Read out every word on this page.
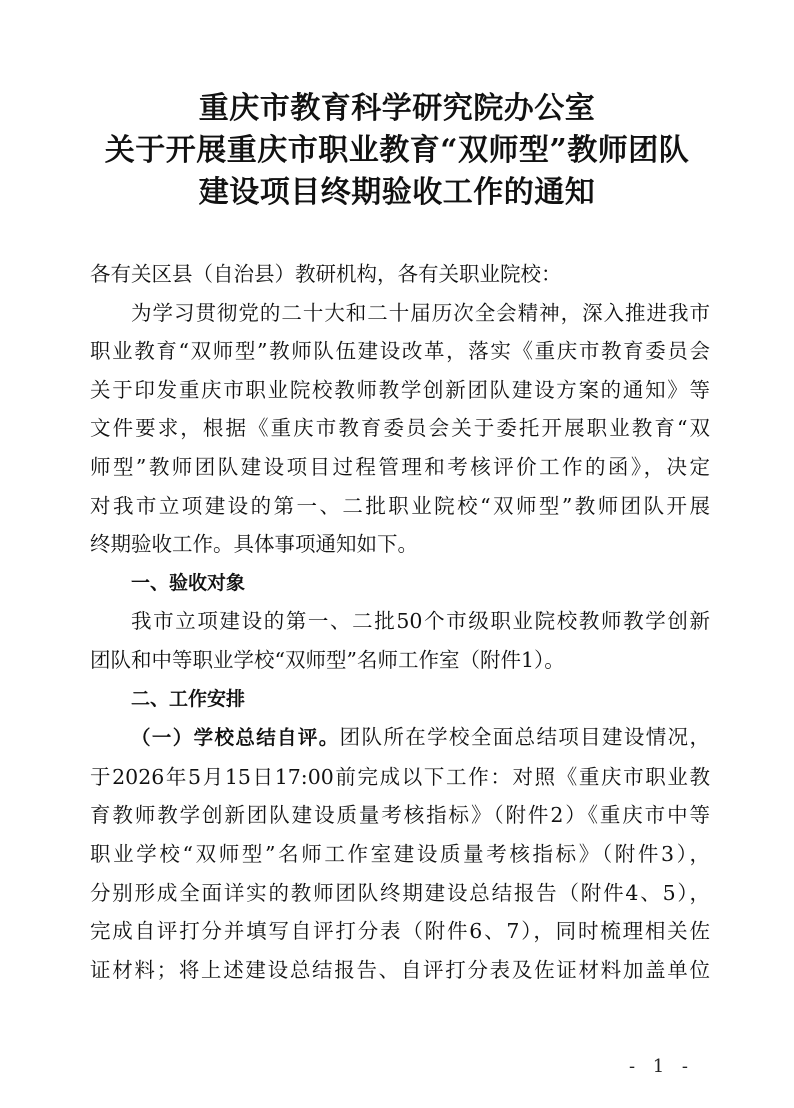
重庆市教育科学研究院办公室
关于开展重庆市职业教育“双师型”教师团队
建设项目终期验收工作的通知
各有关区县（自治县）教研机构，各有关职业院校：
为学习贯彻党的二十大和二十届历次全会精神，深入推进我市
职业教育“双师型”教师队伍建设改革，落实《重庆市教育委员会
关于印发重庆市职业院校教师教学创新团队建设方案的通知》等
文件要求，根据《重庆市教育委员会关于委托开展职业教育“双
师型”教师团队建设项目过程管理和考核评价工作的函》，决定
对我市立项建设的第一、二批职业院校“双师型”教师团队开展
终期验收工作。具体事项通知如下。
一、验收对象
我市立项建设的第一、二批50个市级职业院校教师教学创新
团队和中等职业学校“双师型”名师工作室（附件1）。
二、工作安排
（一）学校总结自评。团队所在学校全面总结项目建设情况，
于2026年5月15日17:00前完成以下工作：对照《重庆市职业教
育教师教学创新团队建设质量考核指标》（附件2）《重庆市中等
职业学校“双师型”名师工作室建设质量考核指标》（附件3），
分别形成全面详实的教师团队终期建设总结报告（附件4、5），
完成自评打分并填写自评打分表（附件6、7），同时梳理相关佐
证材料；将上述建设总结报告、自评打分表及佐证材料加盖单位
- 1 -
